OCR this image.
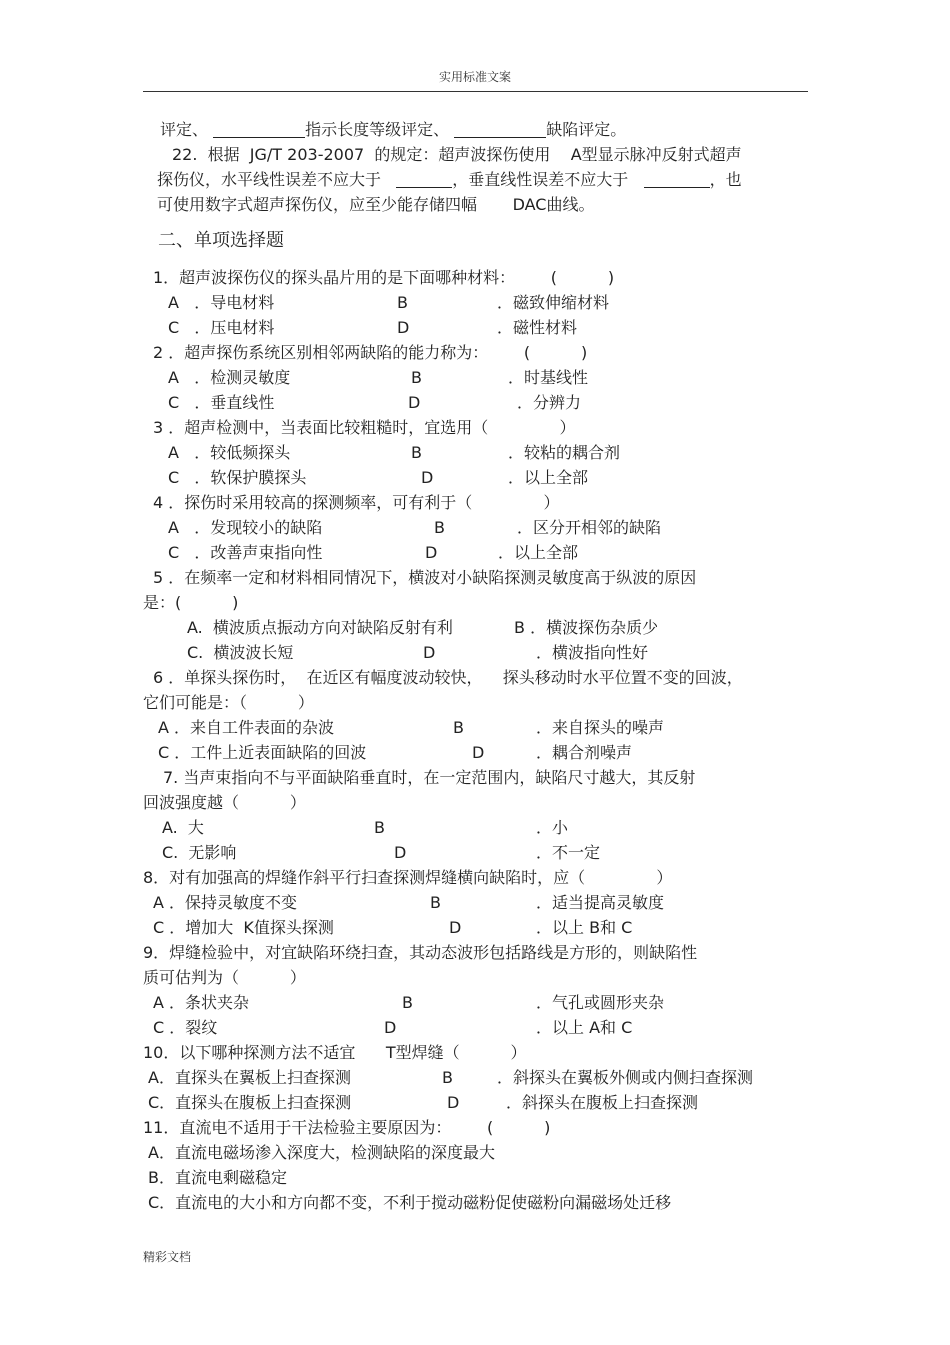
实用标准文案
评定、	指示长度等级评定、	缺陷评定。
22.  根据  JG/T 203-2007  的规定：超声波探伤使用    A型显示脉冲反射式超声
探伤仪，水平线性误差不应大于	，垂直线性误差不应大于	，也
可使用数字式超声探伤仪，应至少能存储四幅       DAC曲线。
二、单项选择题
1．超声波探伤仪的探头晶片用的是下面哪种材料：       (          )
A   ．导电材料	B	．磁致伸缩材料
C   ．压电材料	D	．磁性材料
2 ．超声探伤系统区别相邻两缺陷的能力称为：       (          )
A   ．检测灵敏度	B	．时基线性
C   ．垂直线性	D	．分辨力
3 ．超声检测中，当表面比较粗糙时，宜选用（              ）
A   ．较低频探头	B	．较粘的耦合剂
C   ．软保护膜探头	D	．以上全部
4 ．探伤时采用较高的探测频率，可有利于（              ）
A   ．发现较小的缺陷	B	．区分开相邻的缺陷
C   ．改善声束指向性	D	．以上全部
5 ．在频率一定和材料相同情况下，横波对小缺陷探测灵敏度高于纵波的原因
是：(          )
A.  横波质点振动方向对缺陷反射有利	B ．横波探伤杂质少
C.  横波波长短	D	．横波指向性好
6 ．单探头探伤时，  在近区有幅度波动较快，    探头移动时水平位置不变的回波，
它们可能是：（          ）
A ．来自工件表面的杂波	B	．来自探头的噪声
C ．工件上近表面缺陷的回波	D	．耦合剂噪声
7. 当声束指向不与平面缺陷垂直时，在一定范围内，缺陷尺寸越大，其反射
回波强度越（          ）
A.  大	B	．小
C.  无影响	D	．不一定
8．对有加强高的焊缝作斜平行扫查探测焊缝横向缺陷时，应（              ）
A ．保持灵敏度不变	B	．适当提高灵敏度
C ．增加大  K值探头探测	D	．以上 B和 C
9．焊缝检验中，对宜缺陷环绕扫查，其动态波形包括路线是方形的，则缺陷性
质可估判为（          ）
A ．条状夹杂	B	．气孔或圆形夹杂
C ．裂纹	D	．以上 A和 C
10．以下哪种探测方法不适宜      T型焊缝（          ）
A．直探头在翼板上扫查探测	B	．斜探头在翼板外侧或内侧扫查探测
C．直探头在腹板上扫查探测	D	．斜探头在腹板上扫查探测
11．直流电不适用于干法检验主要原因为：       (          )
A．直流电磁场渗入深度大，检测缺陷的深度最大
B．直流电剩磁稳定
C．直流电的大小和方向都不变，不利于搅动磁粉促使磁粉向漏磁场处迁移
精彩文档
